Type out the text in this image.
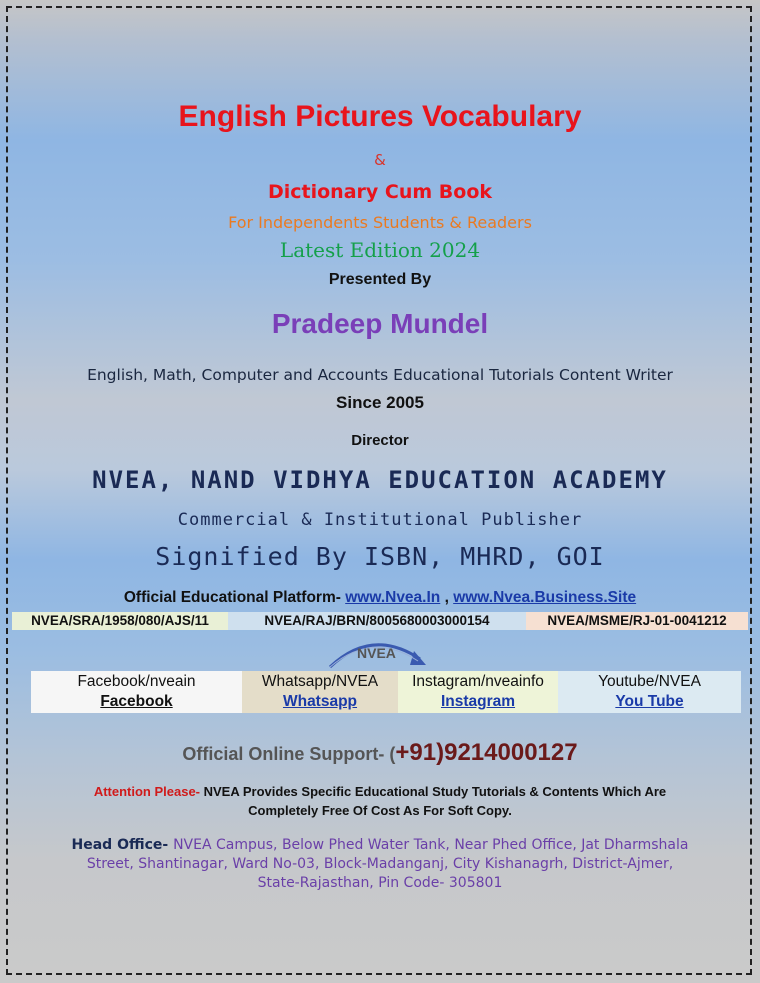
English Pictures Vocabulary
&
Dictionary Cum Book
For Independents Students & Readers
Latest Edition 2024
Presented By
Pradeep Mundel
English, Math, Computer and Accounts Educational Tutorials Content Writer
Since 2005
Director
NVEA, NAND VIDHYA EDUCATION ACADEMY
Commercial & Institutional Publisher
Signified By ISBN, MHRD, GOI
Official Educational Platform- www.Nvea.In , www.Nvea.Business.Site
NVEA/SRA/1958/080/AJS/11	NVEA/RAJ/BRN/8005680003000154	NVEA/MSME/RJ-01-0041212
NVEA
Facebook/nveain
Facebook
Whatsapp/NVEA
Whatsapp
Instagram/nveainfo
Instagram
Youtube/NVEA
You Tube
Official Online Support- (+91)9214000127
Attention Please- NVEA Provides Specific Educational Study Tutorials & Contents Which Are
Completely Free Of Cost As For Soft Copy.
Head Office- NVEA Campus, Below Phed Water Tank, Near Phed Office, Jat Dharmshala
Street, Shantinagar, Ward No-03, Block-Madanganj, City Kishanagrh, District-Ajmer,
State-Rajasthan, Pin Code- 305801
